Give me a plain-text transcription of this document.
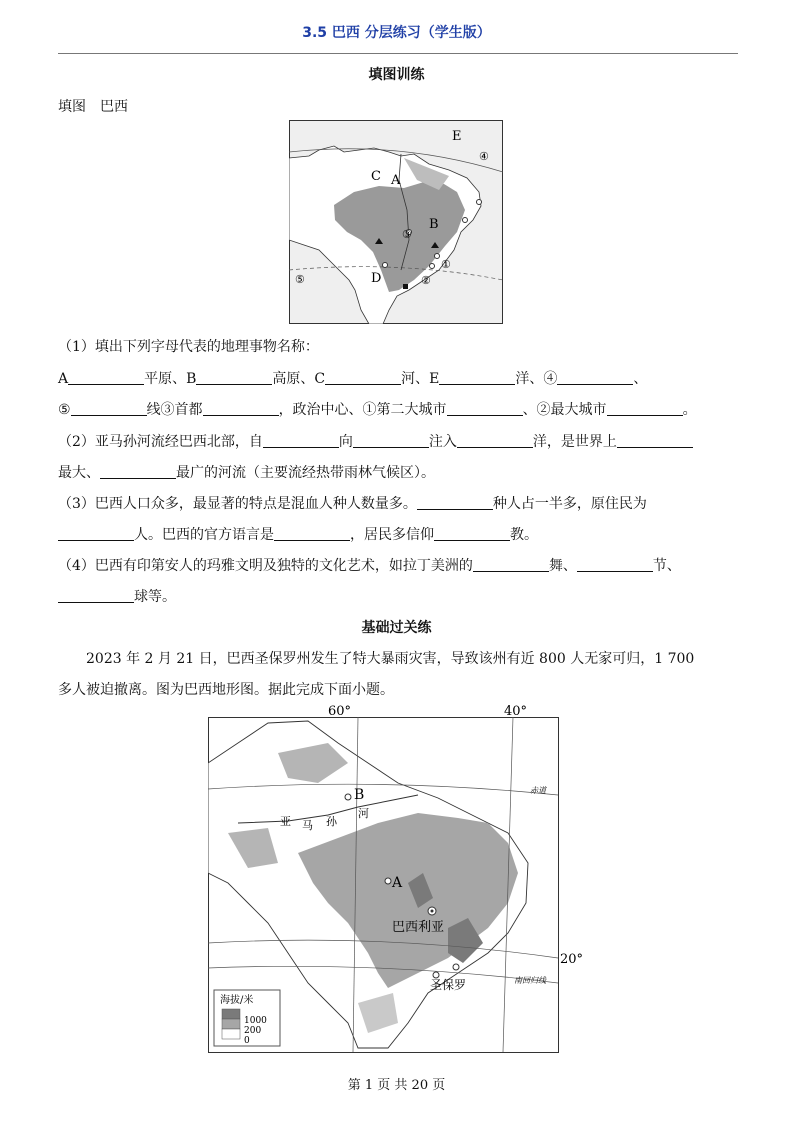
3.5 巴西 分层练习（学生版）
填图训练
填图　巴西
E
C A
B
D
③
①
②
④
⑤
（1）填出下列字母代表的地理事物名称：
A	平原、B	高原、C	河、E	洋、④	、
⑤	线③首都	，政治中心、①第二大城市	、②最大城市	。
（2）亚马孙河流经巴西北部，自	向	注入	洋，是世界上
最大、	最广的河流（主要流经热带雨林气候区）。
（3）巴西人口众多，最显著的特点是混血人种人数量多。	种人占一半多，原住民为
人。巴西的官方语言是	，居民多信仰	教。
（4）巴西有印第安人的玛雅文明及独特的文化艺术，如拉丁美洲的	舞、	节、
球等。
基础过关练
　　2023 年 2 月 21 日，巴西圣保罗州发生了特大暴雨灾害，导致该州有近 800 人无家可归，1 700
多人被迫撤离。图为巴西地形图。据此完成下面小题。
60°	40°
20°
赤道
南回归线
亚 马 孙
河
B
A
巴西利亚
圣保罗
海拔/米
1000
200
0
第 1 页 共 20 页
